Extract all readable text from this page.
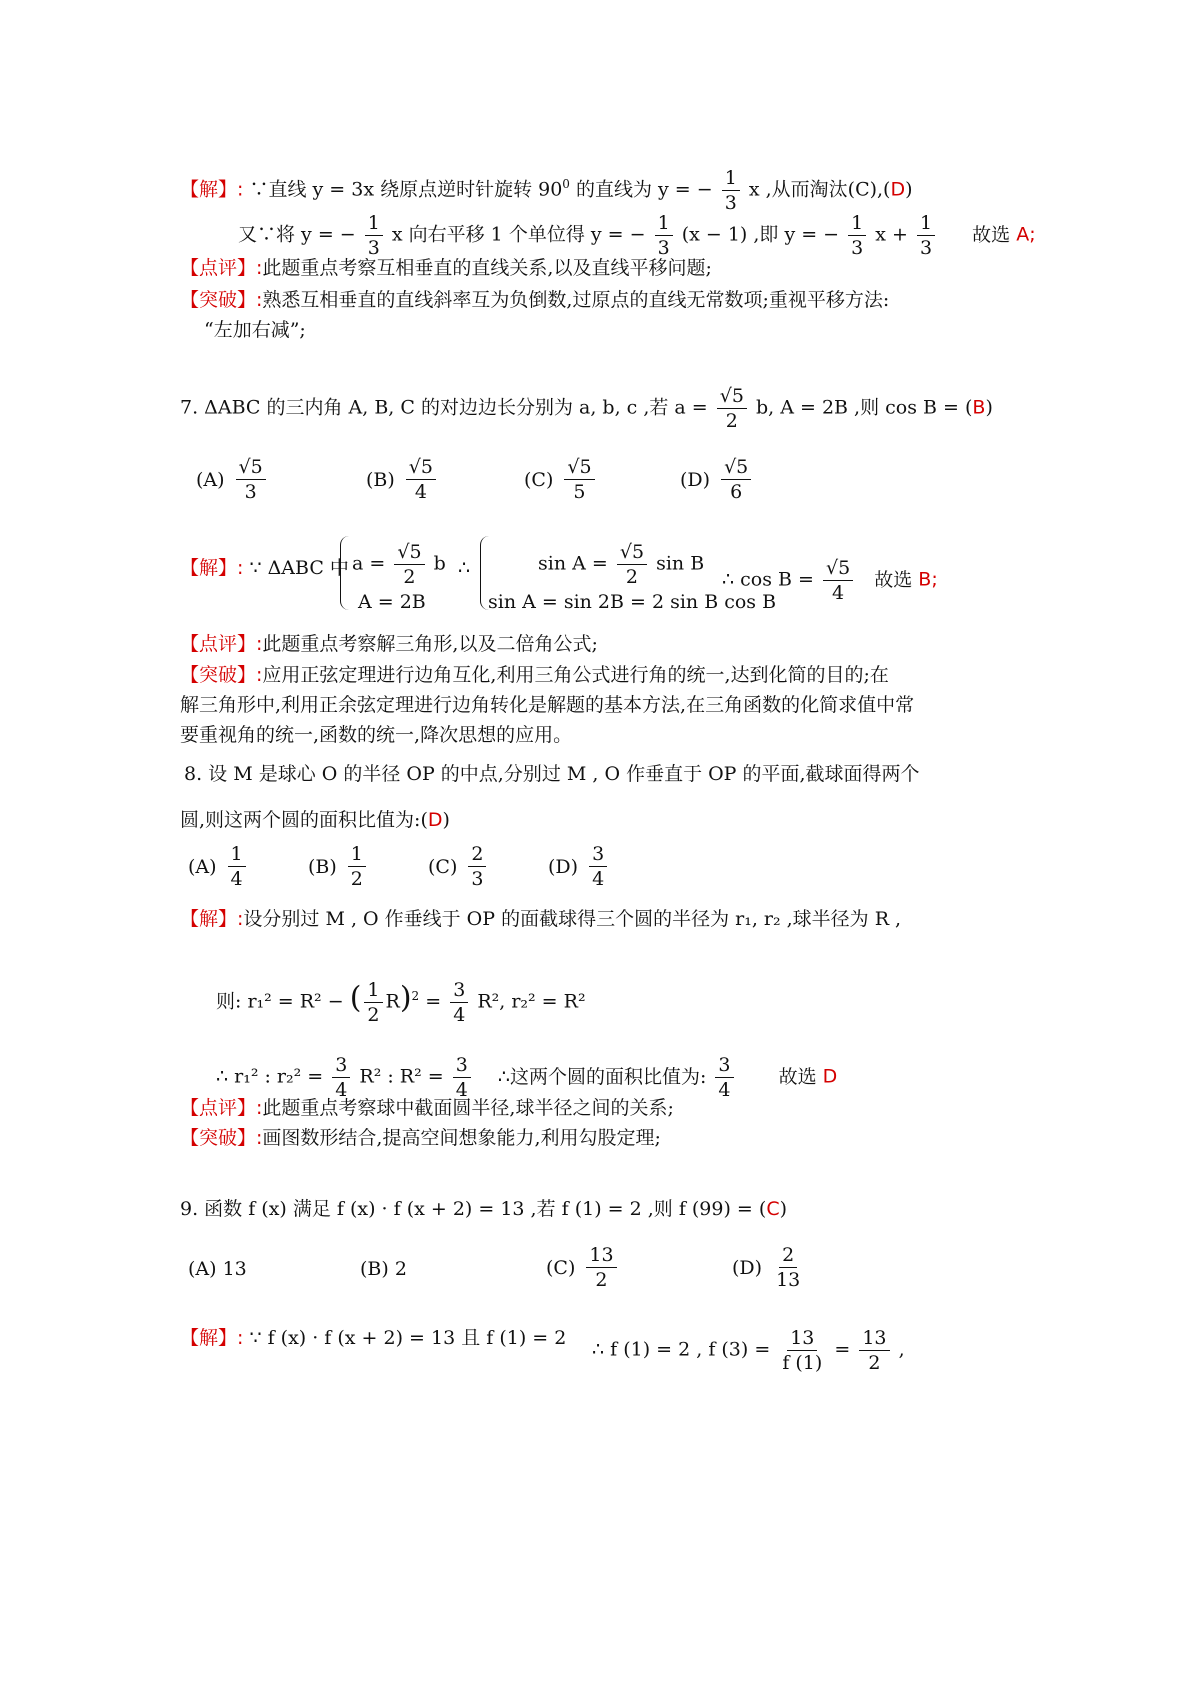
【解】: ∵直线 y = 3x 绕原点逆时针旋转 $90^0$ 的直线为 y = − $\frac{1}{3}$ x ,从而淘汰(C),(D)
又∵将 y = − $\frac{1}{3}$ x 向右平移 1 个单位得 y = − $\frac{1}{3} (x - 1)$ ,即 y = − $\frac{1}{3}$ $x + \frac{1}{3}$ 故选 A;
【点评】:此题重点考察互相垂直的直线关系,以及直线平移问题;
【突破】:熟悉互相垂直的直线斜率互为负倒数,过原点的直线无常数项;重视平移方法:
“左加右减”;
7. ΔABC 的三内角 A, B, C 的对边边长分别为 a, b, c ,若 $a = \frac{√5}{2} b$, A = 2B ,则 cos B = (B)
$(A) \frac{√5}{3}$	$(B) \frac{√5}{4}$	$(C) \frac{√5}{5}$	$(D) \frac{√5}{6}$
【解】: ∵ ΔABC 中 $a = \frac{√5}{2}$ b
A = 2B
∴	$\sin A = \frac{√5}{2}$ sin B
sin A = sin 2B = 2 sin B cos B
∴ $\cos B = \frac{√5}{4}$ 故选 B;
【点评】:此题重点考察解三角形,以及二倍角公式;
【突破】:应用正弦定理进行边角互化,利用三角公式进行角的统一,达到化简的目的;在
解三角形中,利用正余弦定理进行边角转化是解题的基本方法,在三角函数的化简求值中常
要重视角的统一,函数的统一,降次思想的应用。
8. 设 M 是球心 O 的半径 OP 的中点,分别过 M , O 作垂直于 OP 的平面,截球面得两个
圆,则这两个圆的面积比值为:(D)
$(A) \frac{1}{4}$	$(B) \frac{1}{2}$	$(C) \frac{2}{3}$	$(D) \frac{3}{4}$
【解】:设分别过 M , O 作垂线于 OP 的面截球得三个圆的半径为 r₁, r₂ ,球半径为 R ,
则: r₁² = R² − ( $\frac{1}{2} R)^2 = \frac{3}{4} R^2$, r₂² = R²
∴ r₁² : $r_2^2 = \frac{3}{4} R^2$ : $R^2 = \frac{3}{4}$ ∴这两个圆的面积比值为: $\frac{3}{4}$ 故选 D
【点评】:此题重点考察球中截面圆半径,球半径之间的关系;
【突破】:画图数形结合,提高空间想象能力,利用勾股定理;
9. 函数 f (x) 满足 f (x) · f (x + 2) = 13 ,若 f (1) = 2 ,则 f (99) = (C)
(A) 13	(B) 2	$(C) \frac{13}{2}$	$(D) \frac{2}{13}$
【解】: ∵ f (x) · f (x + 2) = 13 且 f (1) = 2
∴ f (1) = 2 , f $(3) = \frac{13}{f (1)} = \frac{13}{2}$ ,
